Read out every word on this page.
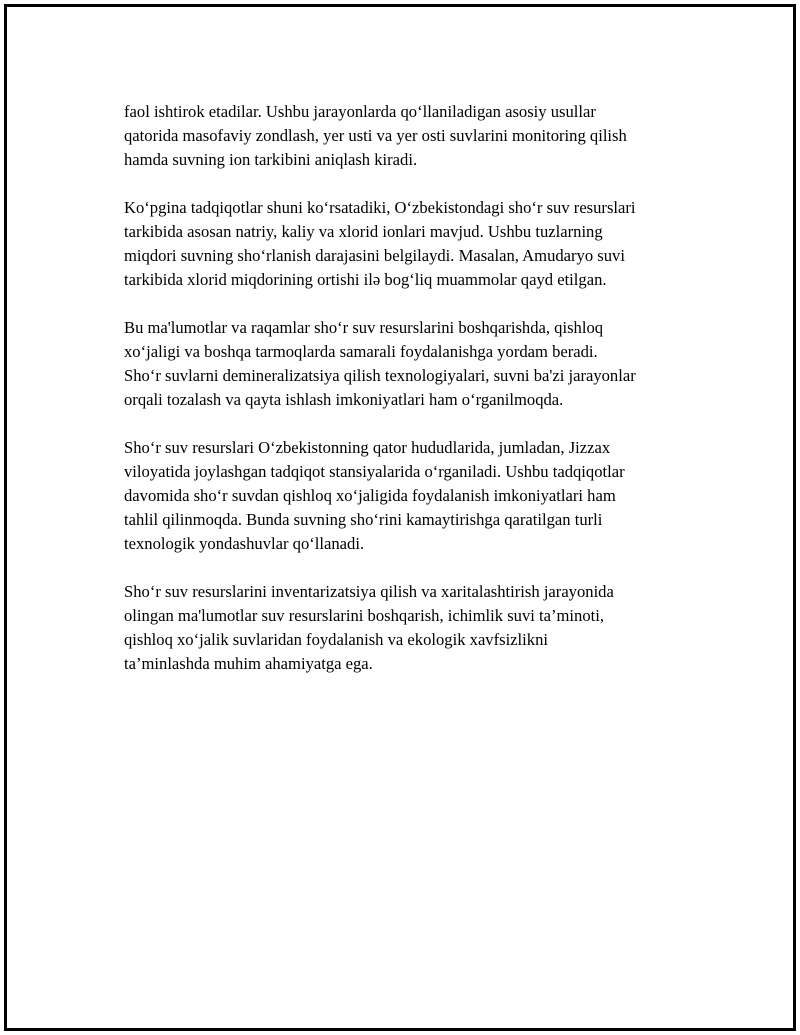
faol ishtirok etadilar. Ushbu jarayonlarda qo‘llaniladigan asosiy usullar
qatorida masofaviy zondlash, yer usti va yer osti suvlarini monitoring qilish
hamda suvning ion tarkibini aniqlash kiradi.

Ko‘pgina tadqiqotlar shuni ko‘rsatadiki, O‘zbekistondagi sho‘r suv resurslari
tarkibida asosan natriy, kaliy va xlorid ionlari mavjud. Ushbu tuzlarning
miqdori suvning sho‘rlanish darajasini belgilaydi. Masalan, Amudaryo suvi
tarkibida xlorid miqdorining ortishi ilə bog‘liq muammolar qayd etilgan.

Bu ma'lumotlar va raqamlar sho‘r suv resurslarini boshqarishda, qishloq
xo‘jaligi va boshqa tarmoqlarda samarali foydalanishga yordam beradi.
Sho‘r suvlarni demineralizatsiya qilish texnologiyalari, suvni ba'zi jarayonlar
orqali tozalash va qayta ishlash imkoniyatlari ham o‘rganilmoqda.

Sho‘r suv resurslari O‘zbekistonning qator hududlarida, jumladan, Jizzax
viloyatida joylashgan tadqiqot stansiyalarida o‘rganiladi. Ushbu tadqiqotlar
davomida sho‘r suvdan qishloq xo‘jaligida foydalanish imkoniyatlari ham
tahlil qilinmoqda. Bunda suvning sho‘rini kamaytirishga qaratilgan turli
texnologik yondashuvlar qo‘llanadi.

Sho‘r suv resurslarini inventarizatsiya qilish va xaritalashtirish jarayonida
olingan ma'lumotlar suv resurslarini boshqarish, ichimlik suvi ta’minoti,
qishloq xo‘jalik suvlaridan foydalanish va ekologik xavfsizlikni
ta’minlashda muhim ahamiyatga ega.
